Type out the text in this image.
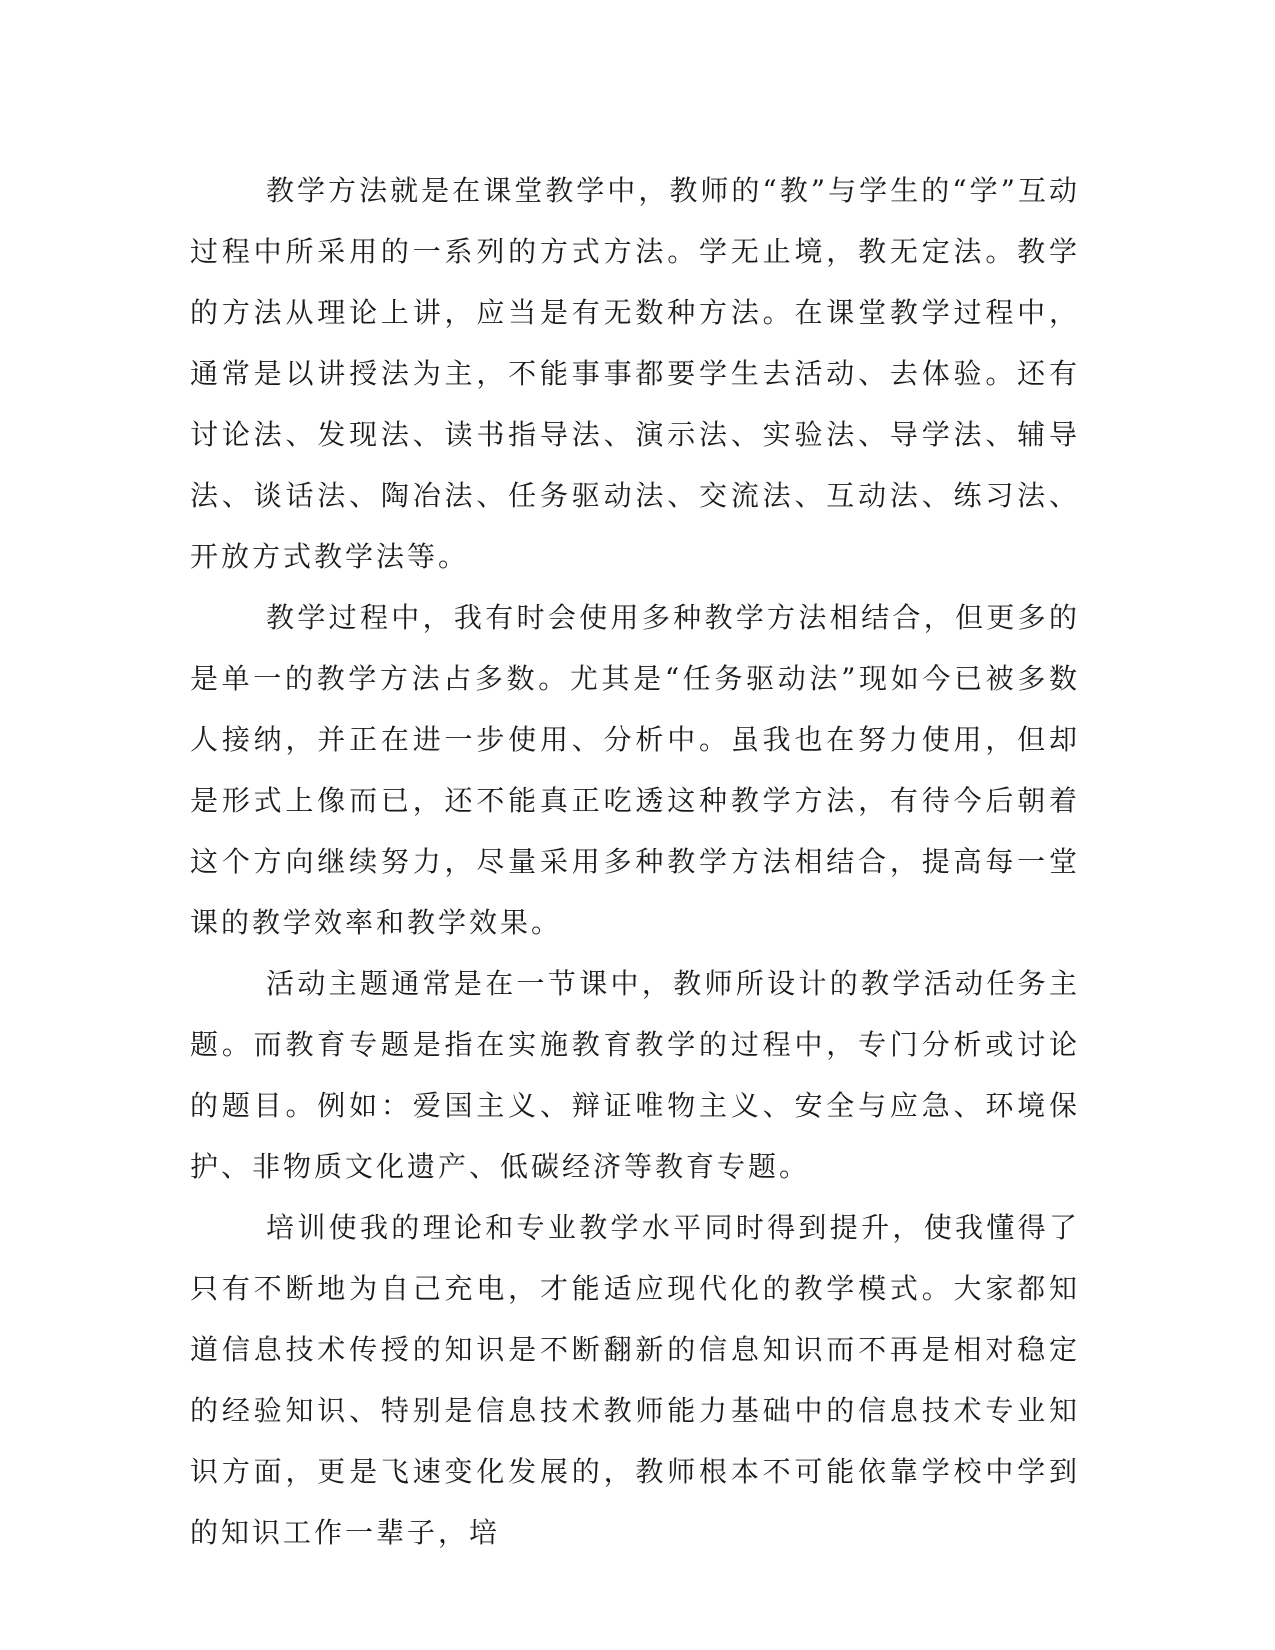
教学方法就是在课堂教学中，教师的“教”与学生的“学”互动过程中所采用的一系列的方式方法。学无止境，教无定法。教学的方法从理论上讲，应当是有无数种方法。在课堂教学过程中，通常是以讲授法为主，不能事事都要学生去活动、去体验。还有讨论法、发现法、读书指导法、演示法、实验法、导学法、辅导法、谈话法、陶冶法、任务驱动法、交流法、互动法、练习法、开放方式教学法等。

教学过程中，我有时会使用多种教学方法相结合，但更多的是单一的教学方法占多数。尤其是“任务驱动法”现如今已被多数人接纳，并正在进一步使用、分析中。虽我也在努力使用，但却是形式上像而已，还不能真正吃透这种教学方法，有待今后朝着这个方向继续努力，尽量采用多种教学方法相结合，提高每一堂课的教学效率和教学效果。

活动主题通常是在一节课中，教师所设计的教学活动任务主题。而教育专题是指在实施教育教学的过程中，专门分析或讨论的题目。例如：爱国主义、辩证唯物主义、安全与应急、环境保护、非物质文化遗产、低碳经济等教育专题。

培训使我的理论和专业教学水平同时得到提升，使我懂得了只有不断地为自己充电，才能适应现代化的教学模式。大家都知道信息技术传授的知识是不断翻新的信息知识而不再是相对稳定的经验知识、特别是信息技术教师能力基础中的信息技术专业知识方面，更是飞速变化发展的，教师根本不可能依靠学校中学到的知识工作一辈子，培
